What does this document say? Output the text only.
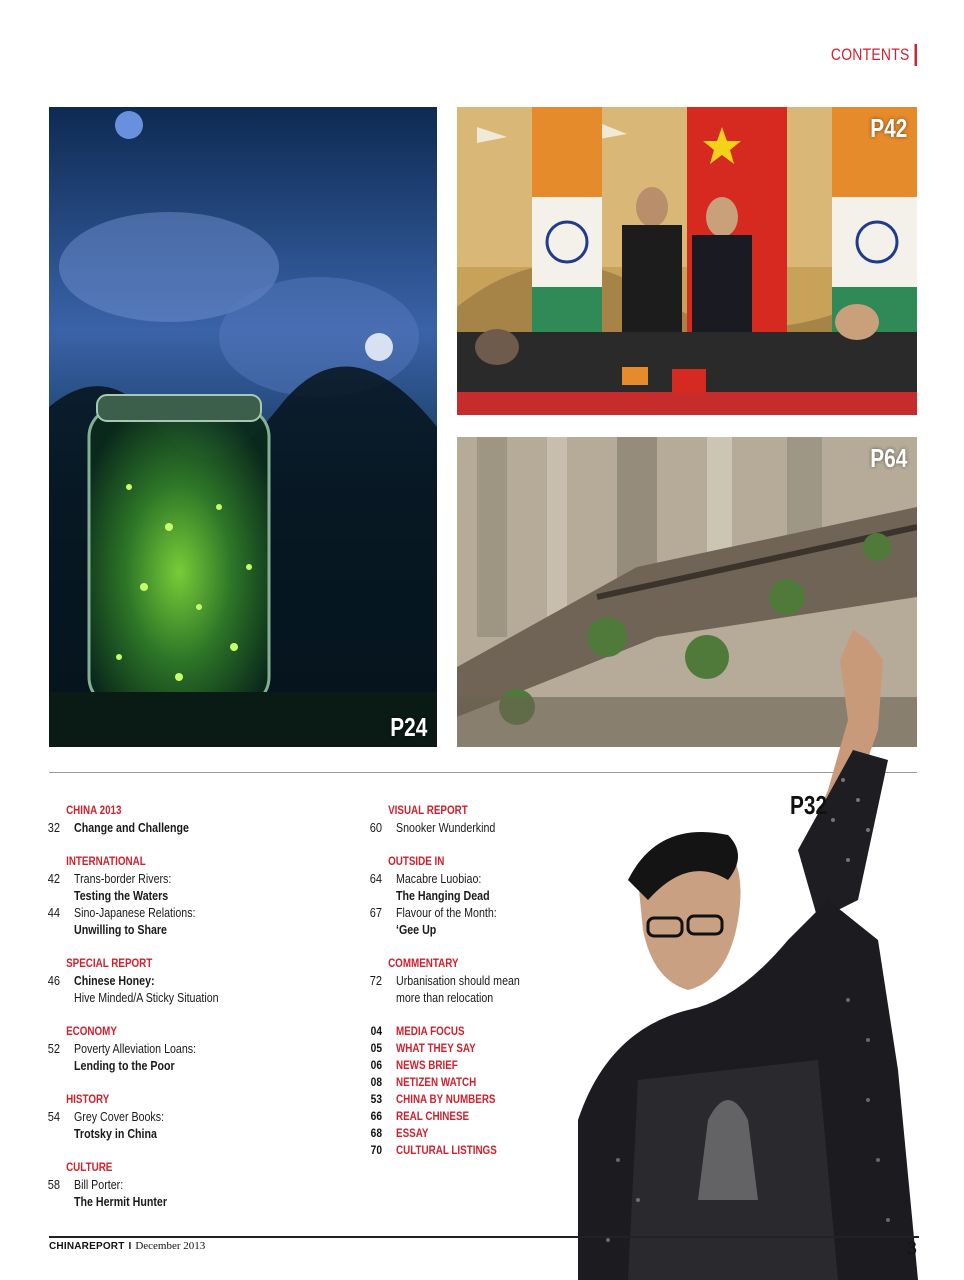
CONTENTS
P24
P42
P64
P32
CHINA 2013
32 Change and Challenge
INTERNATIONAL
42 Trans-border Rivers:
Testing the Waters
44 Sino-Japanese Relations:
Unwilling to Share
SPECIAL REPORT
46 Chinese Honey:
Hive Minded/A Sticky Situation
ECONOMY
52 Poverty Alleviation Loans:
Lending to the Poor
HISTORY
54 Grey Cover Books:
Trotsky in China
CULTURE
58 Bill Porter:
The Hermit Hunter
VISUAL REPORT
60 Snooker Wunderkind
OUTSIDE IN
64 Macabre Luobiao:
The Hanging Dead
67 Flavour of the Month:
‘Gee Up
COMMENTARY
72 Urbanisation should mean
more than relocation
04 MEDIA FOCUS
05 WHAT THEY SAY
06 NEWS BRIEF
08 NETIZEN WATCH
53 CHINA BY NUMBERS
66 REAL CHINESE
68 ESSAY
70 CULTURAL LISTINGS
CHINAREPORT I December 2013	3
